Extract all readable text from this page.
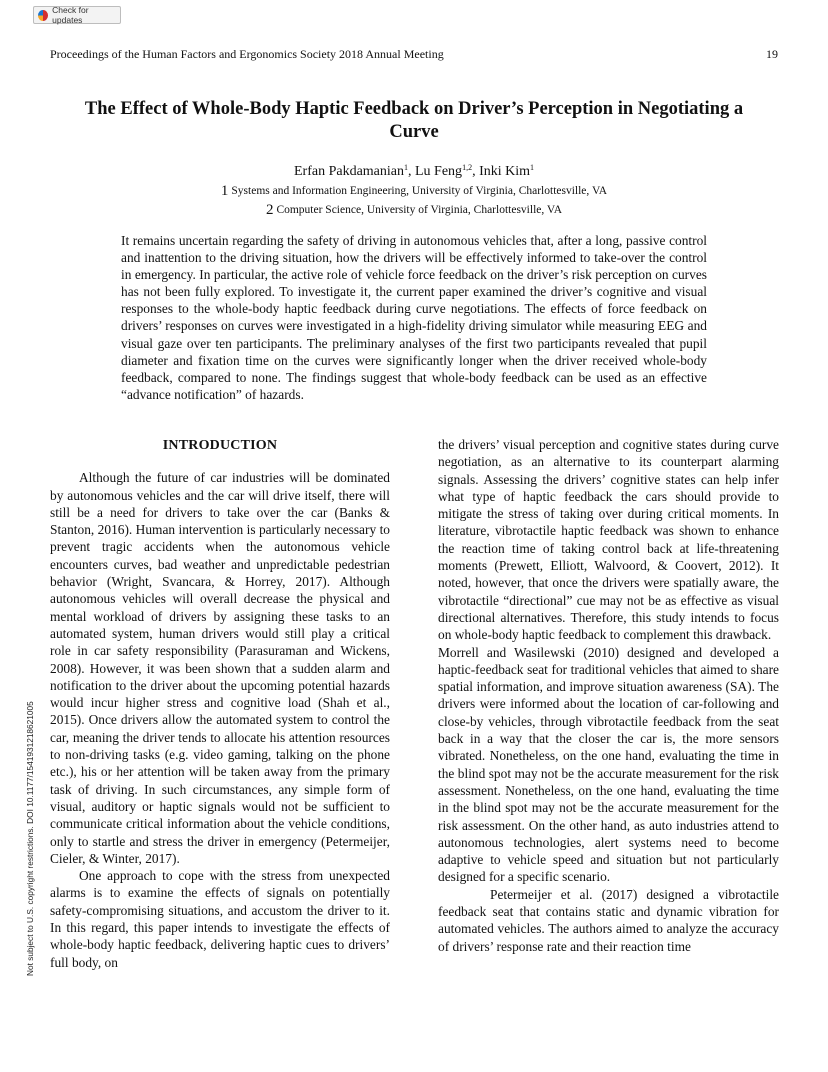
Check for updates
Proceedings of the Human Factors and Ergonomics Society 2018 Annual Meeting	19
The Effect of Whole-Body Haptic Feedback on Driver’s Perception in Negotiating a Curve
Erfan Pakdamanian$^1$, Lu Feng$^{1,2}$, Inki Kim$^1$
1 Systems and Information Engineering, University of Virginia, Charlottesville, VA
2 Computer Science, University of Virginia, Charlottesville, VA

It remains uncertain regarding the safety of driving in autonomous vehicles that, after a long, passive control and inattention to the driving situation, how the drivers will be effectively informed to take-over the control in emergency. In particular, the active role of vehicle force feedback on the driver’s risk perception on curves has not been fully explored. To investigate it, the current paper examined the driver’s cognitive and visual responses to the whole-body haptic feedback during curve negotiations. The effects of force feedback on drivers’ responses on curves were investigated in a high-fidelity driving simulator while measuring EEG and visual gaze over ten participants. The preliminary analyses of the first two participants revealed that pupil diameter and fixation time on the curves were significantly longer when the driver received whole-body feedback, compared to none. The findings suggest that whole-body feedback can be used as an effective “advance notification” of hazards.

INTRODUCTION

Although the future of car industries will be dominated by autonomous vehicles and the car will drive itself, there will still be a need for drivers to take over the car (Banks & Stanton, 2016). Human intervention is particularly necessary to prevent tragic accidents when the autonomous vehicle encounters curves, bad weather and unpredictable pedestrian behavior (Wright, Svancara, & Horrey, 2017). Although autonomous vehicles will overall decrease the physical and mental workload of drivers by assigning these tasks to an automated system, human drivers would still play a critical role in car safety responsibility (Parasuraman and Wickens, 2008). However, it was been shown that a sudden alarm and notification to the driver about the upcoming potential hazards would incur higher stress and cognitive load (Shah et al., 2015). Once drivers allow the automated system to control the car, meaning the driver tends to allocate his attention resources to non-driving tasks (e.g. video gaming, talking on the phone etc.), his or her attention will be taken away from the primary task of driving. In such circumstances, any simple form of visual, auditory or haptic signals would not be sufficient to communicate critical information about the vehicle conditions, only to startle and stress the driver in emergency (Petermeijer, Cieler, & Winter, 2017).

One approach to cope with the stress from unexpected alarms is to examine the effects of signals on potentially safety-compromising situations, and accustom the driver to it. In this regard, this paper intends to investigate the effects of whole-body haptic feedback, delivering haptic cues to drivers’ full body, on

the drivers’ visual perception and cognitive states during curve negotiation, as an alternative to its counterpart alarming signals. Assessing the drivers’ cognitive states can help infer what type of haptic feedback the cars should provide to mitigate the stress of taking over during critical moments. In literature, vibrotactile haptic feedback was shown to enhance the reaction time of taking control back at life-threatening moments (Prewett, Elliott, Walvoord, & Coovert, 2012). It noted, however, that once the drivers were spatially aware, the vibrotactile “directional” cue may not be as effective as visual directional alternatives. Therefore, this study intends to focus on whole-body haptic feedback to complement this drawback.

Morrell and Wasilewski (2010) designed and developed a haptic-feedback seat for traditional vehicles that aimed to share spatial information, and improve situation awareness (SA). The drivers were informed about the location of car-following and close-by vehicles, through vibrotactile feedback from the seat back in a way that the closer the car is, the more sensors vibrated. Nonetheless, on the one hand, evaluating the time in the blind spot may not be the accurate measurement for the risk assessment. Nonetheless, on the one hand, evaluating the time in the blind spot may not be the accurate measurement for the risk assessment. On the other hand, as auto industries attend to autonomous technologies, alert systems need to become adaptive to vehicle speed and situation but not particularly designed for a specific scenario.

Petermeijer et al. (2017) designed a vibrotactile feedback seat that contains static and dynamic vibration for automated vehicles. The authors aimed to analyze the accuracy of drivers’ response rate and their reaction time

Not subject to U.S. copyright restrictions. DOI 10.1177/1541931218621005
